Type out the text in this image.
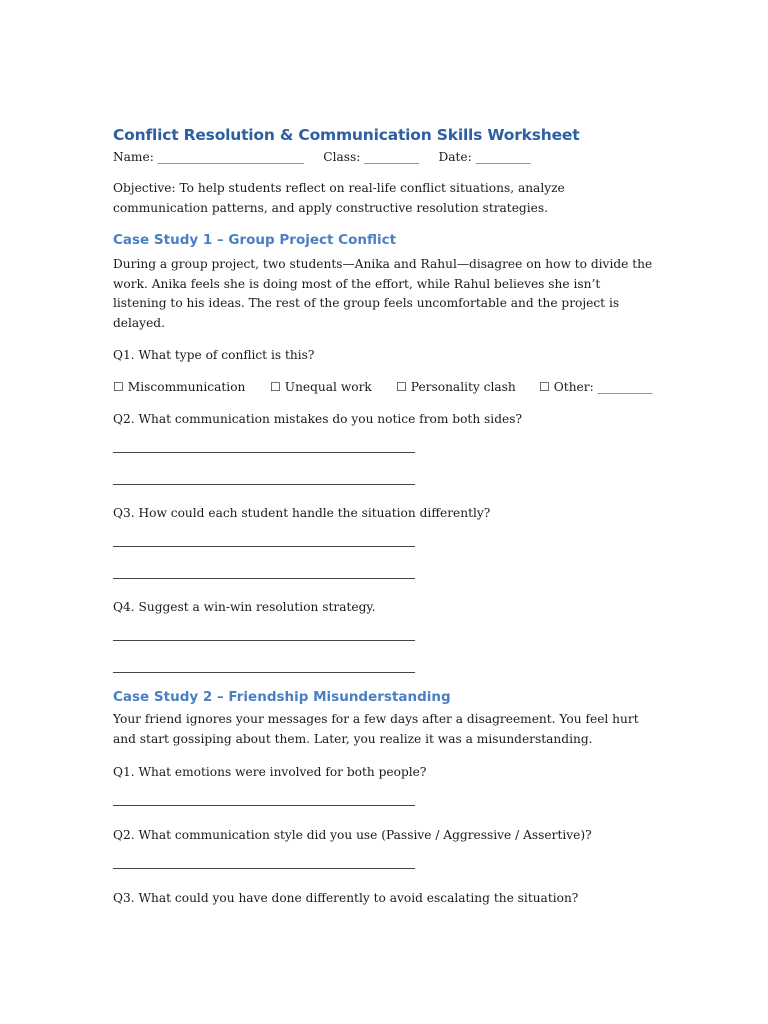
Conflict Resolution & Communication Skills Worksheet
Name: ________________________     Class: _________     Date: _________

Objective: To help students reflect on real-life conflict situations, analyze communication patterns, and apply constructive resolution strategies.

Case Study 1 – Group Project Conflict

During a group project, two students—Anika and Rahul—disagree on how to divide the work. Anika feels she is doing most of the effort, while Rahul believes she isn’t listening to his ideas. The rest of the group feels uncomfortable and the project is delayed.

Q1. What type of conflict is this?

☐ Miscommunication	☐ Unequal work	☐ Personality clash	☐ Other: _________

Q2. What communication mistakes do you notice from both sides?

Q3. How could each student handle the situation differently?

Q4. Suggest a win-win resolution strategy.

Case Study 2 – Friendship Misunderstanding

Your friend ignores your messages for a few days after a disagreement. You feel hurt and start gossiping about them. Later, you realize it was a misunderstanding.

Q1. What emotions were involved for both people?

Q2. What communication style did you use (Passive / Aggressive / Assertive)?

Q3. What could you have done differently to avoid escalating the situation?
